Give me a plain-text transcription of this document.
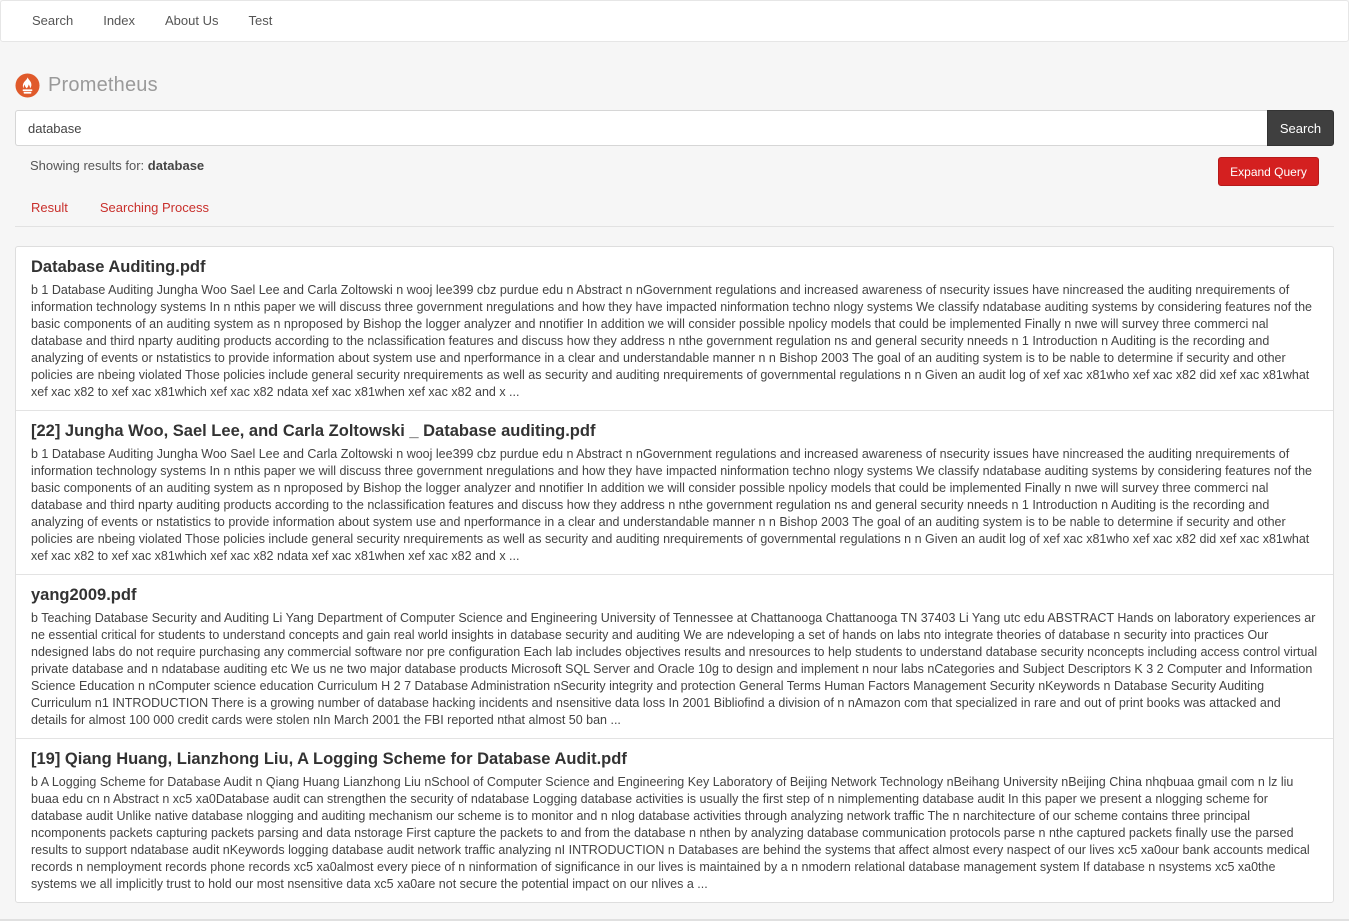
Search	Index	About Us	Test
Prometheus
database
Search
Showing results for: database	Expand Query
Result	Searching Process
Database Auditing.pdf

b 1 Database Auditing Jungha Woo Sael Lee and Carla Zoltowski n wooj lee399 cbz purdue edu n Abstract n nGovernment regulations and increased awareness of nsecurity issues have nincreased the auditing nrequirements of information technology systems In n nthis paper we will discuss three government nregulations and how they have impacted ninformation techno nlogy systems We classify ndatabase auditing systems by considering features nof the basic components of an auditing system as n nproposed by Bishop the logger analyzer and nnotifier In addition we will consider possible npolicy models that could be implemented Finally n nwe will survey three commerci nal database and third nparty auditing products according to the nclassification features and discuss how they address n nthe government regulation ns and general security nneeds n 1 Introduction n Auditing is the recording and analyzing of events or nstatistics to provide information about system use and nperformance in a clear and understandable manner n n Bishop 2003 The goal of an auditing system is to be nable to determine if security and other policies are nbeing violated Those policies include general security nrequirements as well as security and auditing nrequirements of governmental regulations n n Given an audit log of xef xac x81who xef xac x82 did xef xac x81what xef xac x82 to xef xac x81which xef xac x82 ndata xef xac x81when xef xac x82 and x ...

[22] Jungha Woo, Sael Lee, and Carla Zoltowski _ Database auditing.pdf

b 1 Database Auditing Jungha Woo Sael Lee and Carla Zoltowski n wooj lee399 cbz purdue edu n Abstract n nGovernment regulations and increased awareness of nsecurity issues have nincreased the auditing nrequirements of information technology systems In n nthis paper we will discuss three government nregulations and how they have impacted ninformation techno nlogy systems We classify ndatabase auditing systems by considering features nof the basic components of an auditing system as n nproposed by Bishop the logger analyzer and nnotifier In addition we will consider possible npolicy models that could be implemented Finally n nwe will survey three commerci nal database and third nparty auditing products according to the nclassification features and discuss how they address n nthe government regulation ns and general security nneeds n 1 Introduction n Auditing is the recording and analyzing of events or nstatistics to provide information about system use and nperformance in a clear and understandable manner n n Bishop 2003 The goal of an auditing system is to be nable to determine if security and other policies are nbeing violated Those policies include general security nrequirements as well as security and auditing nrequirements of governmental regulations n n Given an audit log of xef xac x81who xef xac x82 did xef xac x81what xef xac x82 to xef xac x81which xef xac x82 ndata xef xac x81when xef xac x82 and x ...

yang2009.pdf

b Teaching Database Security and Auditing Li Yang Department of Computer Science and Engineering University of Tennessee at Chattanooga Chattanooga TN 37403 Li Yang utc edu ABSTRACT Hands on laboratory experiences ar ne essential critical for students to understand concepts and gain real world insights in database security and auditing We are ndeveloping a set of hands on labs nto integrate theories of database n security into practices Our ndesigned labs do not require purchasing any commercial software nor pre configuration Each lab includes objectives results and nresources to help students to understand database security nconcepts including access control virtual private database and n ndatabase auditing etc We us ne two major database products Microsoft SQL Server and Oracle 10g to design and implement n nour labs nCategories and Subject Descriptors K 3 2 Computer and Information Science Education n nComputer science education Curriculum H 2 7 Database Administration nSecurity integrity and protection General Terms Human Factors Management Security nKeywords n Database Security Auditing Curriculum n1 INTRODUCTION There is a growing number of database hacking incidents and nsensitive data loss In 2001 Bibliofind a division of n nAmazon com that specialized in rare and out of print books was attacked and details for almost 100 000 credit cards were stolen nIn March 2001 the FBI reported nthat almost 50 ban ...

[19] Qiang Huang, Lianzhong Liu, A Logging Scheme for Database Audit.pdf

b A Logging Scheme for Database Audit n Qiang Huang Lianzhong Liu nSchool of Computer Science and Engineering Key Laboratory of Beijing Network Technology nBeihang University nBeijing China nhqbuaa gmail com n lz liu buaa edu cn n Abstract n xc5 xa0Database audit can strengthen the security of ndatabase Logging database activities is usually the first step of n nimplementing database audit In this paper we present a nlogging scheme for database audit Unlike native database nlogging and auditing mechanism our scheme is to monitor and n nlog database activities through analyzing network traffic The n narchitecture of our scheme contains three principal ncomponents packets capturing packets parsing and data nstorage First capture the packets to and from the database n nthen by analyzing database communication protocols parse n nthe captured packets finally use the parsed results to support ndatabase audit nKeywords logging database audit network traffic analyzing nI INTRODUCTION n Databases are behind the systems that affect almost every naspect of our lives xc5 xa0our bank accounts medical records n nemployment records phone records xc5 xa0almost every piece of n ninformation of significance in our lives is maintained by a n nmodern relational database management system If database n nsystems xc5 xa0the systems we all implicitly trust to hold our most nsensitive data xc5 xa0are not secure the potential impact on our nlives a ...
